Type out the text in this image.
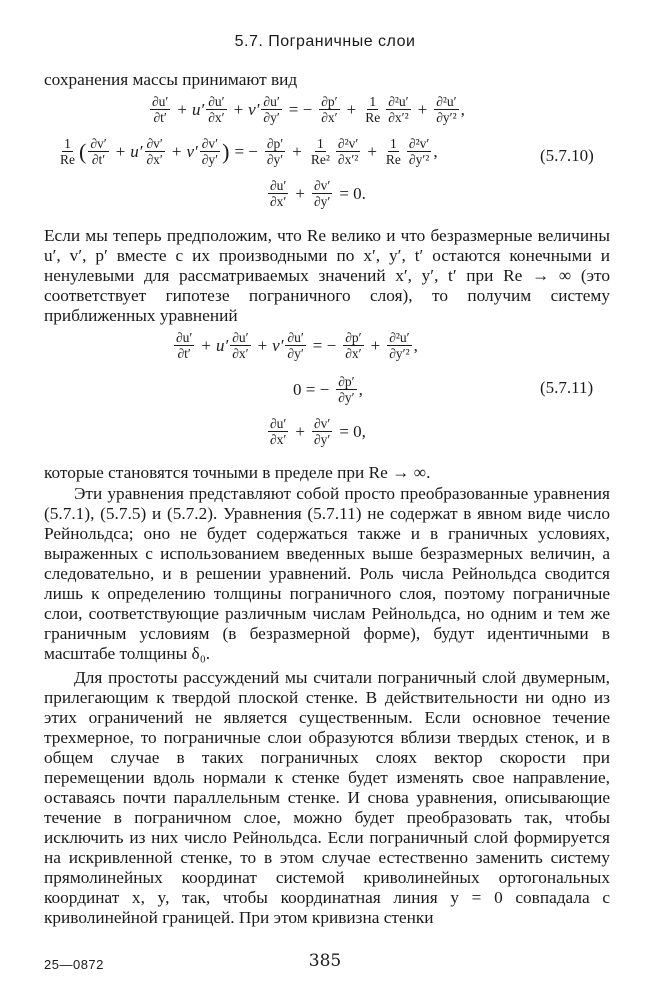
5.7. Пограничные слои
сохранения массы принимают вид
$\frac{\partial u'}{\partial t'} + u' \frac{\partial u'}{\partial x'} + v' \frac{\partial u'}{\partial y'}$ = − $\frac{\partial p'}{\partial x'} + \frac{1}{Re} \frac{\text{∂²u′}}{\text{∂x′²}} + \frac{\text{∂²u′}}{\text{∂y′²}}$ ,
$\frac{1}{Re}$ ( $\frac{\partial v'}{\partial t'} + u' \frac{\partial v'}{\partial x'} + v' \frac{\partial v'}{\partial y'}$ ) = − $\frac{\partial p'}{\partial y'} + \frac{1}{\text{Re²}} \frac{\text{∂²v′}}{\text{∂x′²}} + \frac{1}{Re} \frac{\text{∂²v′}}{\text{∂y′²}}$ ,	(5.7.10)
$\frac{\partial u'}{\partial x'} + \frac{\partial v'}{\partial y'} = 0$.
Если мы теперь предположим, что Re велико и что безразмерные величины u′, v′, p′ вместе с их производными по x′, y′, t′ остаются конечными и ненулевыми для рассматриваемых значений x′, y′, t′ при Re → ∞ (это соответствует гипотезе пограничного слоя), то получим систему приближенных уравнений
$\frac{\partial u'}{\partial t'} + u' \frac{\partial u'}{\partial x'} + v' \frac{\partial u'}{\partial y'}$ = − $\frac{\partial p'}{\partial x'} + \frac{\text{∂²u′}}{\text{∂y′²}}$ ,
0 = − $\frac{\partial p'}{\partial y'}$ ,	(5.7.11)
$\frac{\partial u'}{\partial x'} + \frac{\partial v'}{\partial y'} = 0$,
которые становятся точными в пределе при Re → ∞.
Эти уравнения представляют собой просто преобразованные уравнения (5.7.1), (5.7.5) и (5.7.2). Уравнения (5.7.11) не содержат в явном виде число Рейнольдса; оно не будет содержаться также и в граничных условиях, выраженных с использованием введенных выше безразмерных величин, а следовательно, и в решении уравнений. Роль числа Рейнольдса сводится лишь к определению толщины пограничного слоя, поэтому пограничные слои, соответствующие различным числам Рейнольдса, но одним и тем же граничным условиям (в безразмерной форме), будут идентичными в масштабе толщины δ₀.
Для простоты рассуждений мы считали пограничный слой двумерным, прилегающим к твердой плоской стенке. В действительности ни одно из этих ограничений не является существенным. Если основное течение трехмерное, то пограничные слои образуются вблизи твердых стенок, и в общем случае в таких пограничных слоях вектор скорости при перемещении вдоль нормали к стенке будет изменять свое направление, оставаясь почти параллельным стенке. И снова уравнения, описывающие течение в пограничном слое, можно будет преобразовать так, чтобы исключить из них число Рейнольдса. Если пограничный слой формируется на искривленной стенке, то в этом случае естественно заменить систему прямолинейных координат системой криволинейных ортогональных координат x, y, так, чтобы координатная линия y = 0 совпадала с криволинейной границей. При этом кривизна стенки
25—0872	385
